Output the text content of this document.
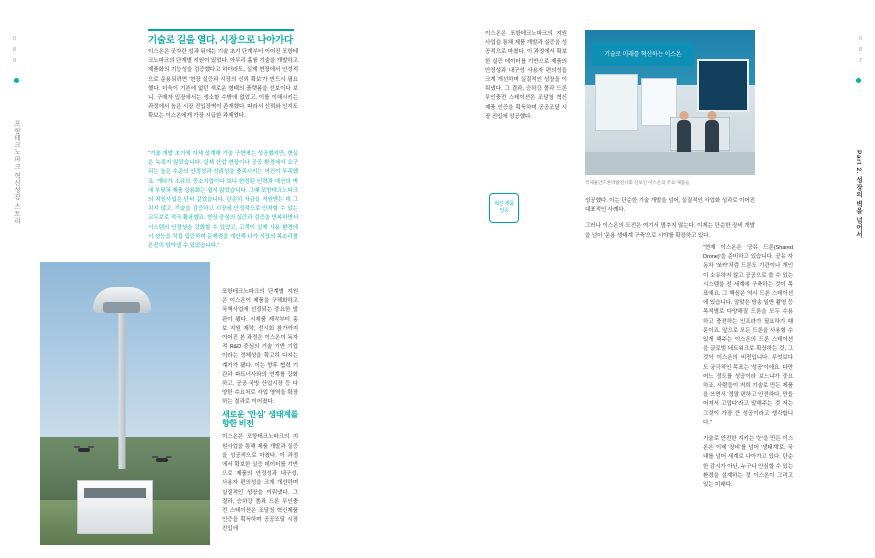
포항테크노파크 혁신성장 스토리
0
8
9
기술로 길을 열다, 시장으로 나아가다

이스온은 굿자란 성과 뒤에는 기술 초기 단계부터 이어진 포항테크노파크의 단계별 지원이 있었다. 아무리 훌륭 기술을 개발하고 제품화의 기능성을 검증했다고 하더라도, 실제 현장에서 안정적으로 운용되려면 '현장 실증과 시장의 신뢰 확보'가 반드시 필요했다. 더욱이 기존에 없던 새로운 형태의 플랫폼을 선보이다 보니, 구매자 입장에서는 생소할 수밖에 없었고, 이를 이해시키는 과정에서 높은 시장 진입장벽이 존재했다. 따라서 신뢰와 인지도 확보는 이스온에게 가장 시급한 과제였다.

"기술 개발 초기에 자체 설계해 기술 구현에는 성공했지만, 현실은 녹록지 않았습니다. 실제 산업 현장이나 공공 환경에서 요구되는 높은 수준의 안정성과 신뢰성을 충족시키는 여건이 부족했죠. 게다가 소규모 중소기업이다 보니 한정된 인력과 예산의 벽에 부딪혀 제품 상용화는 쉽지 않았습니다. 그때 포항테크노파크의 지원사업은 단비 같았습니다. 단순히 자금을 지원받는 데 그치지 않고, 기술을 검증하고 시장에 안정적으로 안착할 수 있는 교두보로 적극 활용했죠. 현장 중심의 실증과 검증을 반복하면서 시스템의 안정성을 강화할 수 있었고, 고객이 실제 사용 환경에서 성능을 직접 입증하며 문제점을 개선해 나가 시장의 목소리를 온전히 담아낼 수 있었습니다."

포항테크노파크의 단계별 지원은 이스온이 제품을 구체화하고 국책사업에 선정되는 중요한 발판이 됐다. 시제품 제작부터 홍보 지원 제작, 전시회 참가까지 이어진 본 과정은 이스온이 독자적 R&D 중심의 기술 기반 기업이라는 정체성을 확고히 다지는 계기가 됐다. 이는 향후 협력 기관과 파트너사와의 연계를 강화하고, 공공·국방 산업시장 등 다양한 수요처로 사업 영역을 확장하는 결과로 이어졌다.

새로운 '안심' 생태계를 향한 비전

이스온은 포항테크노파크의 지원사업을 통해 제품 개발과 실증을 성공적으로 마쳤다. 이 과정에서 확보한 실증 데이터를 기반으로 제품의 안정성과 내구성, 사용자 편의성을 크게 개선하며 실질적인 성장을 이뤄냈다. 그 결과, 승하강 폴과 드론 무인충전 스테이션은 조달청 혁신제품 인증을 획득하며 공공조달 시장 진입에

Part 2. 성장의 벽을 넘어서
0
8
7

이스온은 포항테크노파크의 지원사업을 통해 제품 개발과 실증을 성공적으로 마쳤다. 이 과정에서 확보한 실증 데이터를 기반으로 제품의 안정성과 내구성 사용자 편의성을 크게 개선하며 실질적인 성장을 이뤄냈다. 그 결과, 승하강 폴과 드론 무인충전 스테이션은 조달청 혁신제품 인증을 획득하며 공공조달 시장 진입에 성공했다.

혁신 제품 인증
기술로 미래를 혁신하는 이스온
국제물안드론박람전시회 선보인 이스온의 주요 제품들

성공했다. 이는 단순한 기술 개발을 넘어, 실질적인 사업화 성과로 이어진 대표적인 사례다.

그러나 이스온의 도전은 여기서 멈추지 않는다. 이제는 단순한 장비 개발을 넘어 '운용 생태계 구축'으로 시야를 확장하고 있다.

"현재 이스온은 '공유 드론(Shared Drone)'을 준비하고 있습니다. 공유 자동차 '쏘카'처럼 드론도 기관이나 개인이 소유하지 않고 공공으로 쓸 수 있는 시스템을 전 세계에 구축하는 것이 목표예요. 그 핵심은 역시 드론 스테이션에 있습니다. 알맞은 방송 일반 촬영 등 목적별로 다양해질 드론을 모두 수용하고 충전하는 인프라가 필요하기 때문이죠. 앞으로 모든 드론을 사용할 수 있게 해주는 이스온의 드론 스테이션을 글로벌 네트워크로 확장하는 것, 그것이 이스온의 비전입니다. 무엇보다도 궁극적인 목표는 '성공'이에요. 다만 어느 정도를 성공이라 보느냐가 중요하죠. 사람들이 저희 기술로 만든 제품을 쓰면서 '정말 편하고 안전하다, 만들어져서 고맙다'라고 말해주는 것 저는 그것이 가장 큰 성공이라고 생각합니다."

기술로 안전한 지키는 '눈'을 만든 이스온은 이제 '장비'를 넘어 '생태계'로, 국내를 넘어 세계로 나아가고 있다. 단순한 감시가 아닌, 누구나 안심할 수 있는 환경을 설계하는 것 이스온이 그리고 있는 미래다.
